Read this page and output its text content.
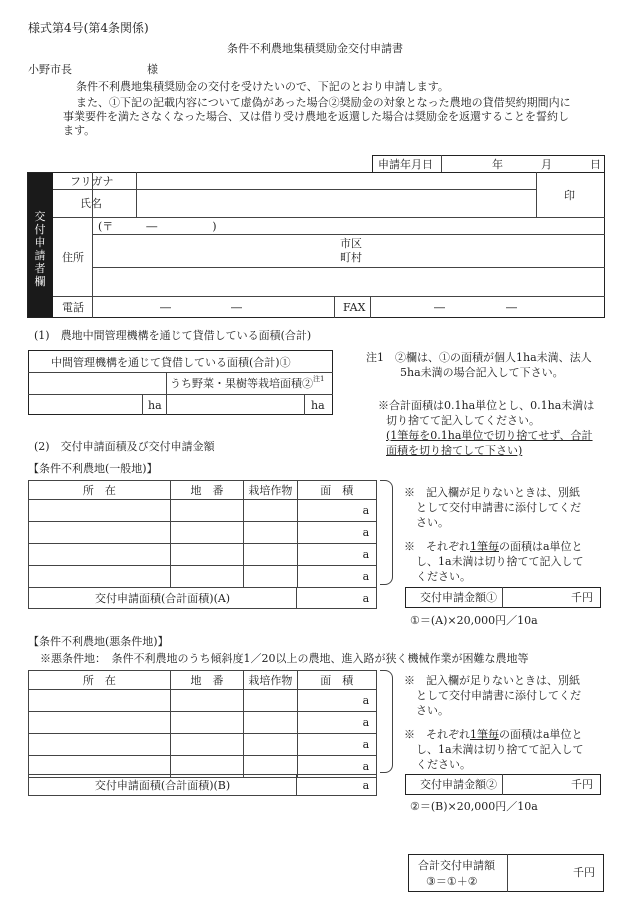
様式第4号(第4条関係)
条件不利農地集積奨励金交付申請書
小野市長	様
条件不利農地集積奨励金の交付を受けたいので、下記のとおり申請します。
また、①下記の記載内容について虚偽があった場合②奨励金の対象となった農地の貸借契約期間内に
事業要件を満たさなくなった場合、又は借り受け農地を返還した場合は奨励金を返還することを誓約し
ます。
申請年月日	年	月	日
交
付
申
請
者
欄
フリガナ
氏名
印
(〒　　　―　　　　　)
住所
市区
町村
電話	―	―	FAX	―	―
(1)　農地中間管理機構を通じて貸借している面積(合計)
中間管理機構を通じて貸借している面積(合計)①
うち野菜・果樹等栽培面積② 注1
ha	ha
注1　②欄は、①の面積が個人1ha未満、法人
5ha未満の場合記入して下さい。
※合計面積は0.1ha単位とし、0.1ha未満は
切り捨てて記入してください。
(1筆毎を0.1ha単位で切り捨てせず、合計
面積を切り捨てして下さい)
(2)　交付申請面積及び交付申請金額
【条件不利農地(一般地)】
所　在	地　番	栽培作物	面　積	
				a
				a
				a
				a
交付申請面積(合計面積)(A)		a
※　記入欄が足りないときは、別紙
として交付申請書に添付してくだ
さい。
※　それぞれ1筆毎の面積はa単位と
し、1a未満は切り捨てて記入して
ください。
交付申請金額①	千円
①＝(A)×20,000円／10a
【条件不利農地(悪条件地)】
※悪条件地：　条件不利農地のうち傾斜度1／20以上の農地、進入路が狭く機械作業が困難な農地等
所　在	地　番	栽培作物	面　積	
				a
				a
				a
				a
交付申請面積(合計面積)(B)		a
※　記入欄が足りないときは、別紙
として交付申請書に添付してくだ
さい。
※　それぞれ1筆毎の面積はa単位と
し、1a未満は切り捨てて記入して
ください。
交付申請金額②	千円
②＝(B)×20,000円／10a
合計交付申請額
③＝①＋②
千円
